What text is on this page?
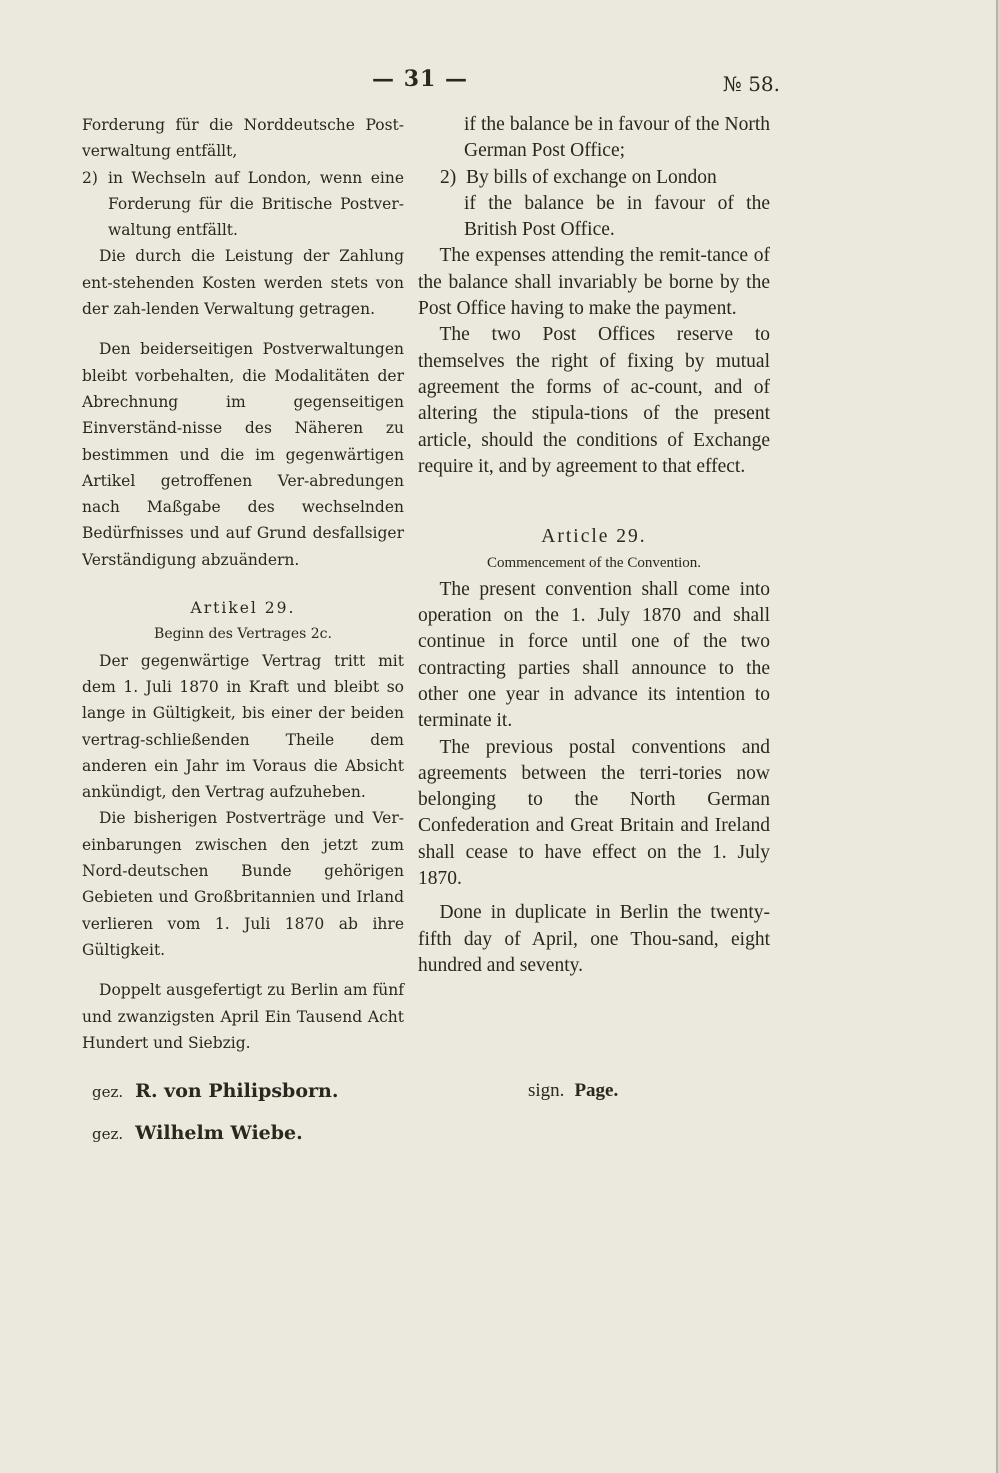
— 31 —	№ 58.

Forderung für die Norddeutsche Post-verwaltung entfällt,

2) in Wechseln auf London, wenn eine Forderung für die Britische Postver-waltung entfällt.

Die durch die Leistung der Zahlung ent-stehenden Kosten werden stets von der zah-lenden Verwaltung getragen.

Den beiderseitigen Postverwaltungen bleibt vorbehalten, die Modalitäten der Abrechnung im gegenseitigen Einverständ-nisse des Näheren zu bestimmen und die im gegenwärtigen Artikel getroffenen Ver-abredungen nach Maßgabe des wechselnden Bedürfnisses und auf Grund desfallsiger Verständigung abzuändern.

Artikel 29.

Beginn des Vertrages 2c.

Der gegenwärtige Vertrag tritt mit dem 1. Juli 1870 in Kraft und bleibt so lange in Gültigkeit, bis einer der beiden vertrag-schließenden Theile dem anderen ein Jahr im Voraus die Absicht ankündigt, den Vertrag aufzuheben.

Die bisherigen Postverträge und Ver-einbarungen zwischen den jetzt zum Nord-deutschen Bunde gehörigen Gebieten und Großbritannien und Irland verlieren vom 1. Juli 1870 ab ihre Gültigkeit.

Doppelt ausgefertigt zu Berlin am fünf und zwanzigsten April Ein Tausend Acht Hundert und Siebzig.

if the balance be in favour of the North German Post Office;

2) By bills of exchange on London

if the balance be in favour of the British Post Office.

The expenses attending the remit-tance of the balance shall invariably be borne by the Post Office having to make the payment.

The two Post Offices reserve to themselves the right of fixing by mutual agreement the forms of ac-count, and of altering the stipula-tions of the present article, should the conditions of Exchange require it, and by agreement to that effect.

Article 29.

Commencement of the Convention.

The present convention shall come into operation on the 1. July 1870 and shall continue in force until one of the two contracting parties shall announce to the other one year in advance its intention to terminate it.

The previous postal conventions and agreements between the terri-tories now belonging to the North German Confederation and Great Britain and Ireland shall cease to have effect on the 1. July 1870.

Done in duplicate in Berlin the twenty-fifth day of April, one Thou-sand, eight hundred and seventy.

gez. R. von Philipsborn.
gez. Wilhelm Wiebe.
sign. Page.
